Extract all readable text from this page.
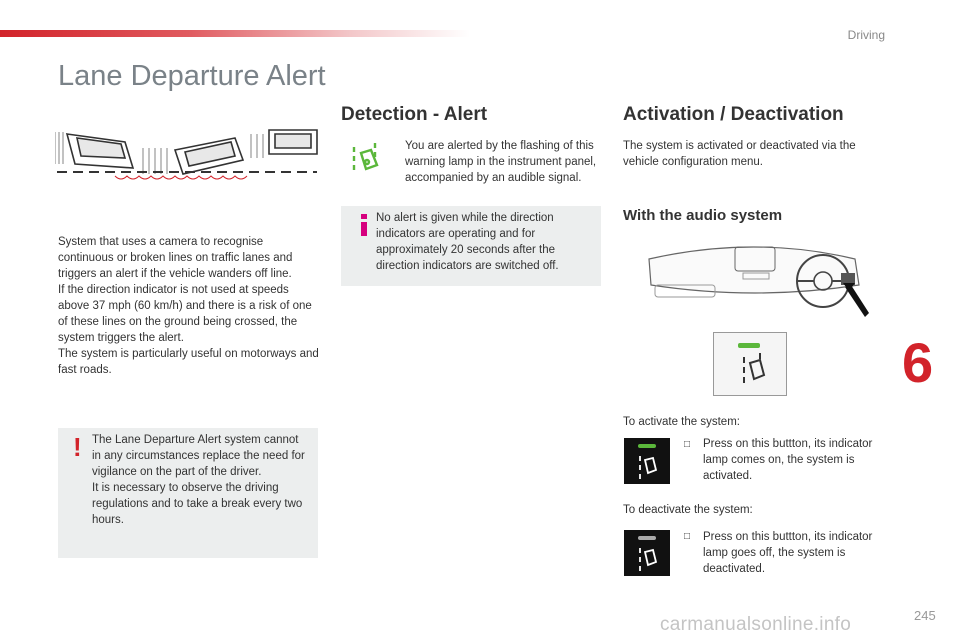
Driving
6
Lane Departure Alert

System that uses a camera to recognise continuous or broken lines on traffic lanes and triggers an alert if the vehicle wanders off line.
If the direction indicator is not used at speeds above 37 mph (60 km/h) and there is a risk of one of these lines on the ground being crossed, the system triggers the alert.
The system is particularly useful on motorways and fast roads.

! The Lane Departure Alert system cannot in any circumstances replace the need for vigilance on the part of the driver.
It is necessary to observe the driving regulations and to take a break every two hours.

Detection - Alert

You are alerted by the flashing of this warning lamp in the instrument panel, accompanied by an audible signal.

No alert is given while the direction indicators are operating and for approximately 20 seconds after the direction indicators are switched off.

Activation / Deactivation

The system is activated or deactivated via the vehicle configuration menu.

With the audio system

To activate the system:

□ Press on this buttton, its indicator lamp comes on, the system is activated.

To deactivate the system:

□ Press on this buttton, its indicator lamp goes off, the system is deactivated.

245
carmanualsonline.info
